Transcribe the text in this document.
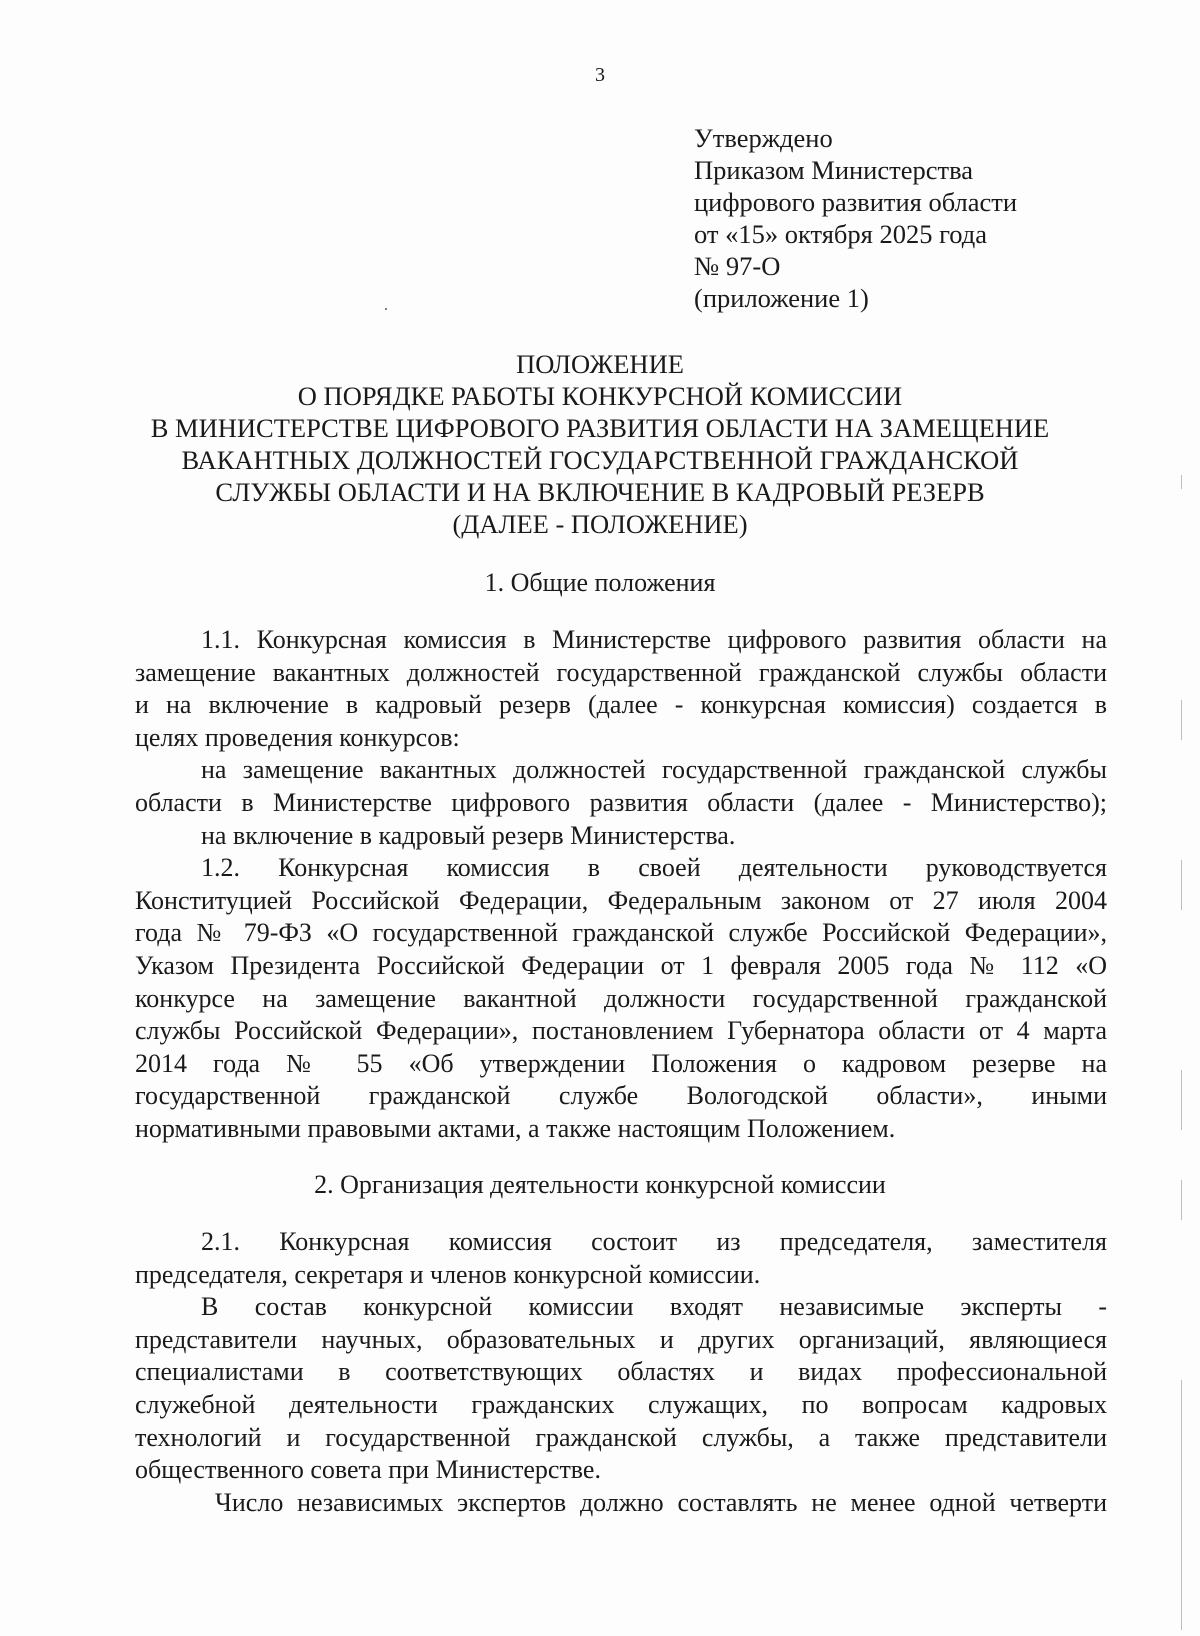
3
Утверждено
Приказом Министерства
цифрового развития области
от «15» октября 2025 года
№ 97-О
(приложение 1)
ПОЛОЖЕНИЕ
О ПОРЯДКЕ РАБОТЫ КОНКУРСНОЙ КОМИССИИ
В МИНИСТЕРСТВЕ ЦИФРОВОГО РАЗВИТИЯ ОБЛАСТИ НА ЗАМЕЩЕНИЕ
ВАКАНТНЫХ ДОЛЖНОСТЕЙ ГОСУДАРСТВЕННОЙ ГРАЖДАНСКОЙ
СЛУЖБЫ ОБЛАСТИ И НА ВКЛЮЧЕНИЕ В КАДРОВЫЙ РЕЗЕРВ
(ДАЛЕЕ - ПОЛОЖЕНИЕ)
1. Общие положения
1.1. Конкурсная комиссия в Министерстве цифрового развития области на
замещение вакантных должностей государственной гражданской службы области
и на включение в кадровый резерв (далее - конкурсная комиссия) создается в
целях проведения конкурсов:
на замещение вакантных должностей государственной гражданской службы
области в Министерстве цифрового развития области (далее - Министерство);
на включение в кадровый резерв Министерства.
1.2. Конкурсная комиссия в своей деятельности руководствуется
Конституцией Российской Федерации, Федеральным законом от 27 июля 2004
года № 79-ФЗ «О государственной гражданской службе Российской Федерации»,
Указом Президента Российской Федерации от 1 февраля 2005 года № 112 «О
конкурсе на замещение вакантной должности государственной гражданской
службы Российской Федерации», постановлением Губернатора области от 4 марта
2014 года № 55 «Об утверждении Положения о кадровом резерве на
государственной гражданской службе Вологодской области», иными
нормативными правовыми актами, а также настоящим Положением.
2. Организация деятельности конкурсной комиссии
2.1. Конкурсная комиссия состоит из председателя, заместителя
председателя, секретаря и членов конкурсной комиссии.
В состав конкурсной комиссии входят независимые эксперты -
представители научных, образовательных и других организаций, являющиеся
специалистами в соответствующих областях и видах профессиональной
служебной деятельности гражданских служащих, по вопросам кадровых
технологий и государственной гражданской службы, а также представители
общественного совета при Министерстве.
Число независимых экспертов должно составлять не менее одной четверти
